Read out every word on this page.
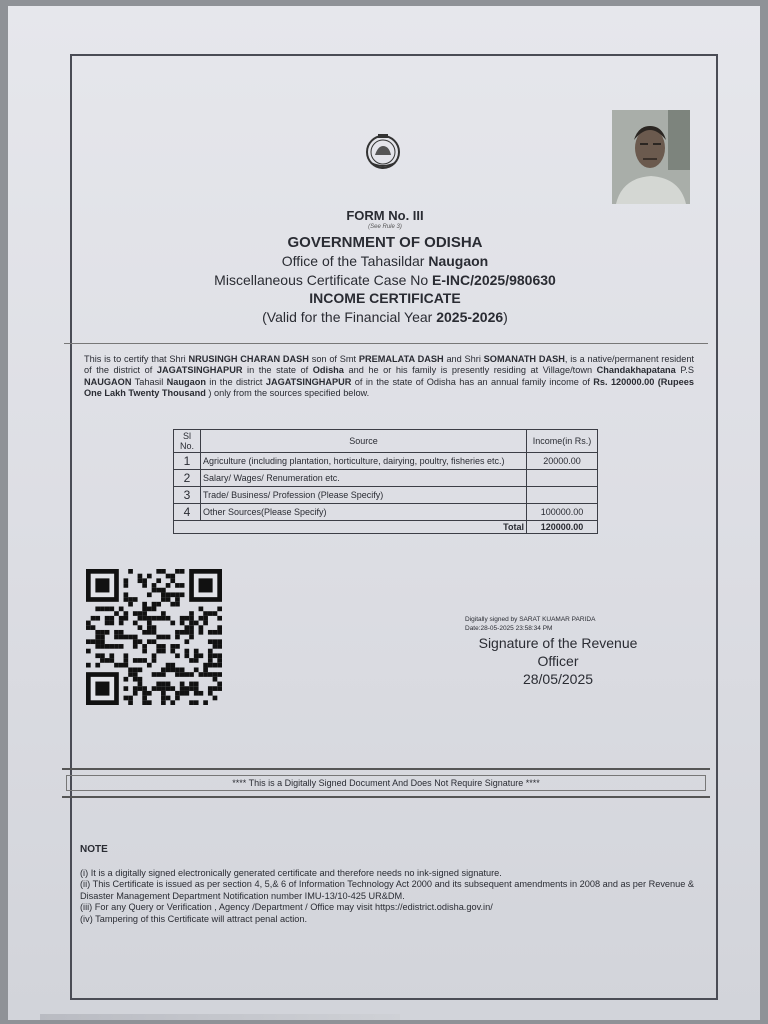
FORM No. III
(See Rule 3)
GOVERNMENT OF ODISHA
Office of the Tahasildar Naugaon
Miscellaneous Certificate Case No E-INC/2025/980630
INCOME CERTIFICATE
(Valid for the Financial Year 2025-2026)
This is to certify that Shri NRUSINGH CHARAN DASH son of Smt PREMALATA DASH and Shri SOMANATH DASH, is a native/permanent resident of the district of JAGATSINGHAPUR in the state of Odisha and he or his family is presently residing at Village/town Chandakhapatana P.S NAUGAON Tahasil Naugaon in the district JAGATSINGHAPUR of in the state of Odisha has an annual family income of Rs. 120000.00 (Rupees One Lakh Twenty Thousand ) only from the sources specified below.
Sl No.	Source	Income(in Rs.)
1	Agriculture (including plantation, horticulture, dairying, poultry, fisheries etc.)	20000.00
2	Salary/ Wages/ Renumeration etc.	
3	Trade/ Business/ Profession (Please Specify)	
4	Other Sources(Please Specify)	100000.00
Total		120000.00
Digitally signed by SARAT KUAMAR PARIDA
Date:28-05-2025 23:58:34 PM
Signature of the Revenue Officer
28/05/2025
**** This is a Digitally Signed Document And Does Not Require Signature ****
NOTE
(i) It is a digitally signed electronically generated certificate and therefore needs no ink-signed signature.
(ii) This Certificate is issued as per section 4, 5,& 6 of Information Technology Act 2000 and its subsequent amendments in 2008 and as per Revenue & Disaster Management Department Notification number IMU-13/10-425 UR&DM.
(iii) For any Query or Verification , Agency /Department / Office may visit https://edistrict.odisha.gov.in/
(iv) Tampering of this Certificate will attract penal action.
